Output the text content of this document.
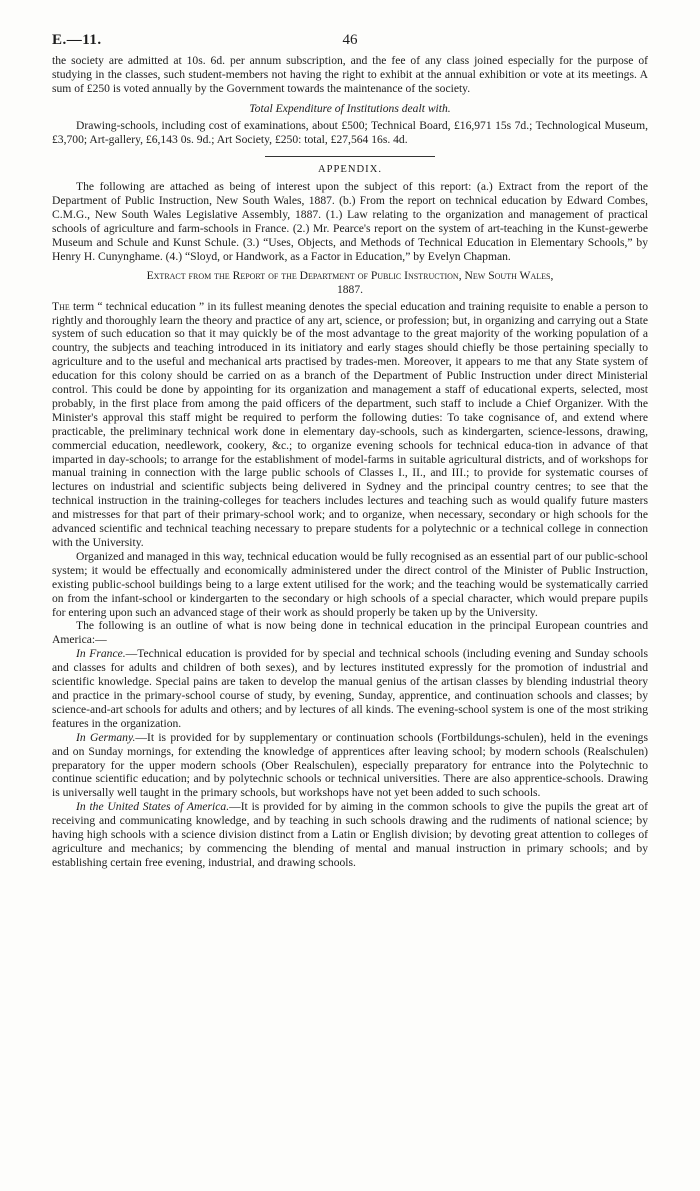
E.—11.	46

the society are admitted at 10s. 6d. per annum subscription, and the fee of any class joined especially for the purpose of studying in the classes, such student-members not having the right to exhibit at the annual exhibition or vote at its meetings. A sum of £250 is voted annually by the Government towards the maintenance of the society.

Total Expenditure of Institutions dealt with.

Drawing-schools, including cost of examinations, about £500; Technical Board, £16,971 15s 7d.; Technological Museum, £3,700; Art-gallery, £6,143 0s. 9d.; Art Society, £250: total, £27,564 16s. 4d.

APPENDIX.

The following are attached as being of interest upon the subject of this report: (a.) Extract from the report of the Department of Public Instruction, New South Wales, 1887. (b.) From the report on technical education by Edward Combes, C.M.G., New South Wales Legislative Assembly, 1887. (1.) Law relating to the organization and management of practical schools of agriculture and farm-schools in France. (2.) Mr. Pearce's report on the system of art-teaching in the Kunst-gewerbe Museum and Schule and Kunst Schule. (3.) “Uses, Objects, and Methods of Technical Education in Elementary Schools,” by Henry H. Cunynghame. (4.) “Sloyd, or Handwork, as a Factor in Education,” by Evelyn Chapman.

Extract from the Report of the Department of Public Instruction, New South Wales,
1887.

The term “ technical education ” in its fullest meaning denotes the special education and training requisite to enable a person to rightly and thoroughly learn the theory and practice of any art, science, or profession; but, in organizing and carrying out a State system of such education so that it may quickly be of the most advantage to the great majority of the working population of a country, the subjects and teaching introduced in its initiatory and early stages should chiefly be those pertaining specially to agriculture and to the useful and mechanical arts practised by trades-men. Moreover, it appears to me that any State system of education for this colony should be carried on as a branch of the Department of Public Instruction under direct Ministerial control. This could be done by appointing for its organization and management a staff of educational experts, selected, most probably, in the first place from among the paid officers of the department, such staff to include a Chief Organizer. With the Minister's approval this staff might be required to perform the following duties: To take cognisance of, and extend where practicable, the preliminary technical work done in elementary day-schools, such as kindergarten, science-lessons, drawing, commercial education, needlework, cookery, &c.; to organize evening schools for technical educa-tion in advance of that imparted in day-schools; to arrange for the establishment of model-farms in suitable agricultural districts, and of workshops for manual training in connection with the large public schools of Classes I., II., and III.; to provide for systematic courses of lectures on industrial and scientific subjects being delivered in Sydney and the principal country centres; to see that the technical instruction in the training-colleges for teachers includes lectures and teaching such as would qualify future masters and mistresses for that part of their primary-school work; and to organize, when necessary, secondary or high schools for the advanced scientific and technical teaching necessary to prepare students for a polytechnic or a technical college in connection with the University.

Organized and managed in this way, technical education would be fully recognised as an essential part of our public-school system; it would be effectually and economically administered under the direct control of the Minister of Public Instruction, existing public-school buildings being to a large extent utilised for the work; and the teaching would be systematically carried on from the infant-school or kindergarten to the secondary or high schools of a special character, which would prepare pupils for entering upon such an advanced stage of their work as should properly be taken up by the University.

The following is an outline of what is now being done in technical education in the principal European countries and America:—

In France.—Technical education is provided for by special and technical schools (including evening and Sunday schools and classes for adults and children of both sexes), and by lectures instituted expressly for the promotion of industrial and scientific knowledge. Special pains are taken to develop the manual genius of the artisan classes by blending industrial theory and practice in the primary-school course of study, by evening, Sunday, apprentice, and continuation schools and classes; by science-and-art schools for adults and others; and by lectures of all kinds. The evening-school system is one of the most striking features in the organization.

In Germany.—It is provided for by supplementary or continuation schools (Fortbildungs-schulen), held in the evenings and on Sunday mornings, for extending the knowledge of apprentices after leaving school; by modern schools (Realschulen) preparatory for the upper modern schools (Ober Realschulen), especially preparatory for entrance into the Polytechnic to continue scientific education; and by polytechnic schools or technical universities. There are also apprentice-schools. Drawing is universally well taught in the primary schools, but workshops have not yet been added to such schools.

In the United States of America.—It is provided for by aiming in the common schools to give the pupils the great art of receiving and communicating knowledge, and by teaching in such schools drawing and the rudiments of national science; by having high schools with a science division distinct from a Latin or English division; by devoting great attention to colleges of agriculture and mechanics; by commencing the blending of mental and manual instruction in primary schools; and by establishing certain free evening, industrial, and drawing schools.
